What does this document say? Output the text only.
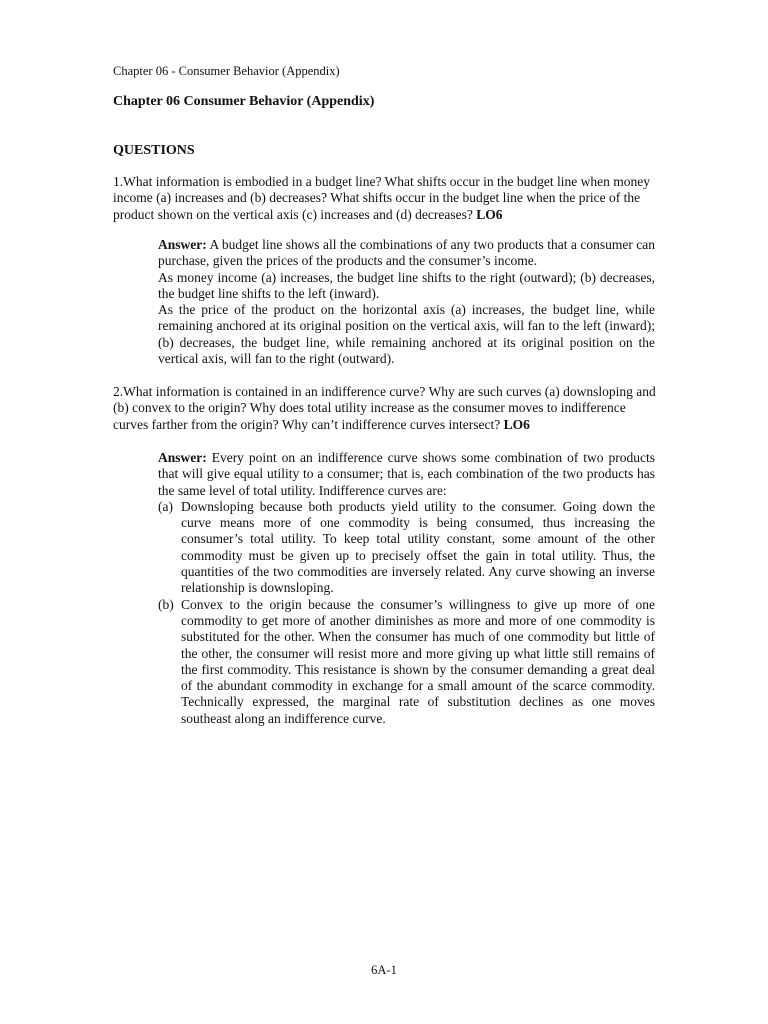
Chapter 06 - Consumer Behavior (Appendix)
Chapter 06 Consumer Behavior (Appendix)
QUESTIONS

1.What information is embodied in a budget line? What shifts occur in the budget line when money income (a) increases and (b) decreases? What shifts occur in the budget line when the price of the product shown on the vertical axis (c) increases and (d) decreases? LO6

Answer: A budget line shows all the combinations of any two products that a consumer can purchase, given the prices of the products and the consumer’s income.

As money income (a) increases, the budget line shifts to the right (outward); (b) decreases, the budget line shifts to the left (inward).

As the price of the product on the horizontal axis (a) increases, the budget line, while remaining anchored at its original position on the vertical axis, will fan to the left (inward); (b) decreases, the budget line, while remaining anchored at its original position on the vertical axis, will fan to the right (outward).

2.What information is contained in an indifference curve? Why are such curves (a) downsloping and (b) convex to the origin? Why does total utility increase as the consumer moves to indifference curves farther from the origin? Why can’t indifference curves intersect? LO6

Answer: Every point on an indifference curve shows some combination of two products that will give equal utility to a consumer; that is, each combination of the two products has the same level of total utility. Indifference curves are:

(a) Downsloping because both products yield utility to the consumer. Going down the curve means more of one commodity is being consumed, thus increasing the consumer’s total utility. To keep total utility constant, some amount of the other commodity must be given up to precisely offset the gain in total utility. Thus, the quantities of the two commodities are inversely related. Any curve showing an inverse relationship is downsloping.
(b) Convex to the origin because the consumer’s willingness to give up more of one commodity to get more of another diminishes as more and more of one commodity is substituted for the other. When the consumer has much of one commodity but little of the other, the consumer will resist more and more giving up what little still remains of the first commodity. This resistance is shown by the consumer demanding a great deal of the abundant commodity in exchange for a small amount of the scarce commodity. Technically expressed, the marginal rate of substitution declines as one moves southeast along an indifference curve.
6A-1
